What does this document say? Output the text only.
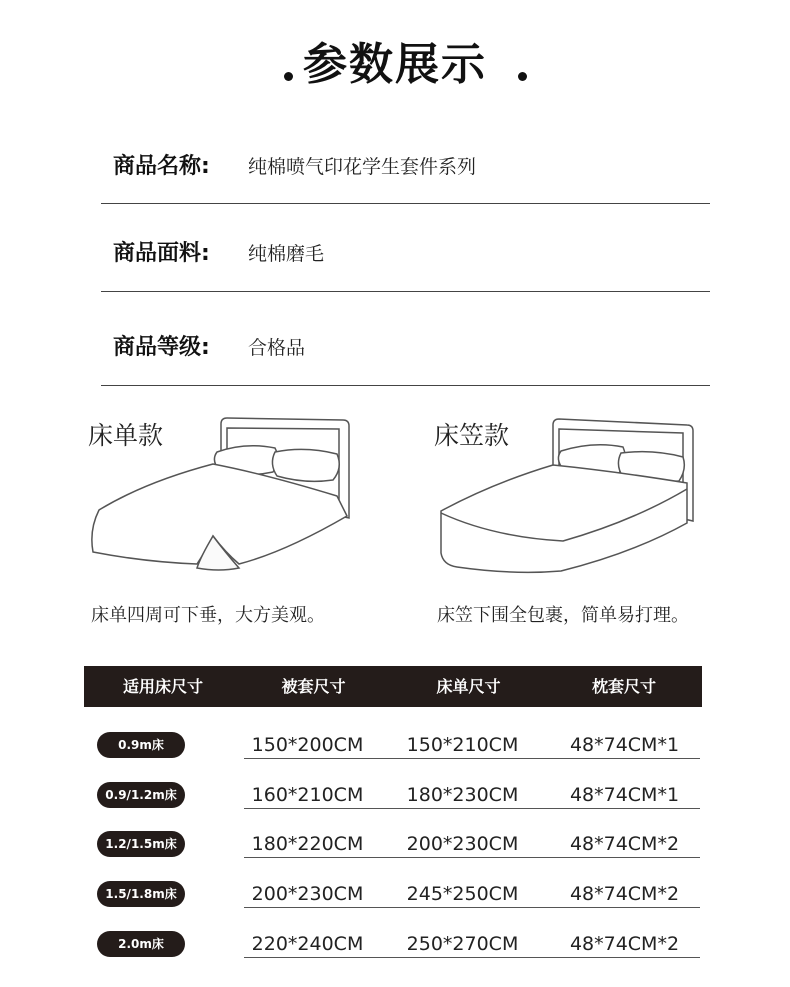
参数展示
商品名称: 纯棉喷气印花学生套件系列
商品面料: 纯棉磨毛
商品等级: 合格品
床单款
床单四周可下垂，大方美观。
床笠款
床笠下围全包裹，简单易打理。
适用床尺寸	被套尺寸	床单尺寸	枕套尺寸
0.9m床	150*200CM	150*210CM	48*74CM*1
0.9/1.2m床	160*210CM	180*230CM	48*74CM*1
1.2/1.5m床	180*220CM	200*230CM	48*74CM*2
1.5/1.8m床	200*230CM	245*250CM	48*74CM*2
2.0m床	220*240CM	250*270CM	48*74CM*2
